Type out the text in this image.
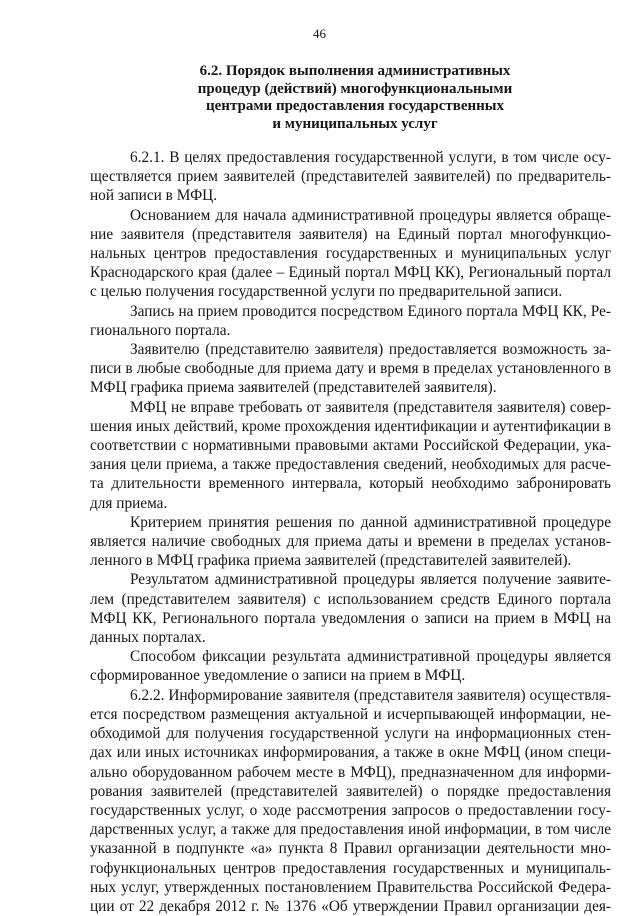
46
6.2. Порядок выполнения административных
процедур (действий) многофункциональными
центрами предоставления государственных
и муниципальных услуг

6.2.1. В целях предоставления государственной услуги, в том числе осу-
ществляется прием заявителей (представителей заявителей) по предваритель-
ной записи в МФЦ.

Основанием для начала административной процедуры является обраще-
ние заявителя (представителя заявителя) на Единый портал многофункцио-
нальных центров предоставления государственных и муниципальных услуг
Краснодарского края (далее – Единый портал МФЦ КК), Региональный портал
с целью получения государственной услуги по предварительной записи.

Запись на прием проводится посредством Единого портала МФЦ КК, Ре-
гионального портала.

Заявителю (представителю заявителя) предоставляется возможность за-
писи в любые свободные для приема дату и время в пределах установленного в
МФЦ графика приема заявителей (представителей заявителя).

МФЦ не вправе требовать от заявителя (представителя заявителя) совер-
шения иных действий, кроме прохождения идентификации и аутентификации в
соответствии с нормативными правовыми актами Российской Федерации, ука-
зания цели приема, а также предоставления сведений, необходимых для расче-
та длительности временного интервала, который необходимо забронировать
для приема.

Критерием принятия решения по данной административной процедуре
является наличие свободных для приема даты и времени в пределах установ-
ленного в МФЦ графика приема заявителей (представителей заявителей).

Результатом административной процедуры является получение заявите-
лем (представителем заявителя) с использованием средств Единого портала
МФЦ КК, Регионального портала уведомления о записи на прием в МФЦ на
данных порталах.

Способом фиксации результата административной процедуры является
сформированное уведомление о записи на прием в МФЦ.

6.2.2. Информирование заявителя (представителя заявителя) осуществля-
ется посредством размещения актуальной и исчерпывающей информации, не-
обходимой для получения государственной услуги на информационных стен-
дах или иных источниках информирования, а также в окне МФЦ (ином специ-
ально оборудованном рабочем месте в МФЦ), предназначенном для информи-
рования заявителей (представителей заявителей) о порядке предоставления
государственных услуг, о ходе рассмотрения запросов о предоставлении госу-
дарственных услуг, а также для предоставления иной информации, в том числе
указанной в подпункте «а» пункта 8 Правил организации деятельности мно-
гофункциональных центров предоставления государственных и муниципаль-
ных услуг, утвержденных постановлением Правительства Российской Федера-
ции от 22 декабря 2012 г. № 1376 «Об утверждении Правил организации дея-
